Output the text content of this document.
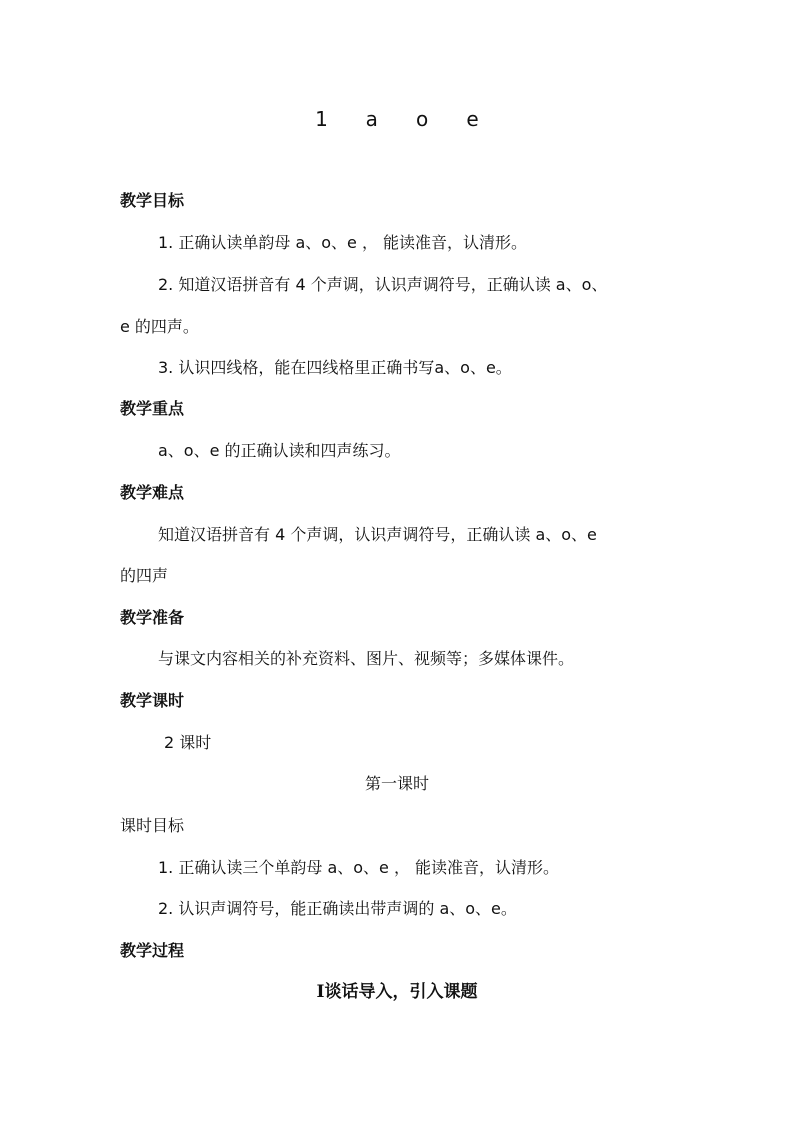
1 a o e
教学目标
1. 正确认读单韵母 a、o、e ， 能读准音，认清形。
2. 知道汉语拼音有 4 个声调，认识声调符号，正确认读 a、o、
e 的四声。
3. 认识四线格，能在四线格里正确书写a、o、e。
教学重点
a、o、e 的正确认读和四声练习。
教学难点
知道汉语拼音有 4 个声调，认识声调符号，正确认读 a、o、e
的四声
教学准备
与课文内容相关的补充资料、图片、视频等；多媒体课件。
教学课时
2 课时
第一课时
课时目标
1. 正确认读三个单韵母 a、o、e ， 能读准音，认清形。
2. 认识声调符号，能正确读出带声调的 a、o、e。
教学过程
Ⅰ谈话导入，引入课题
